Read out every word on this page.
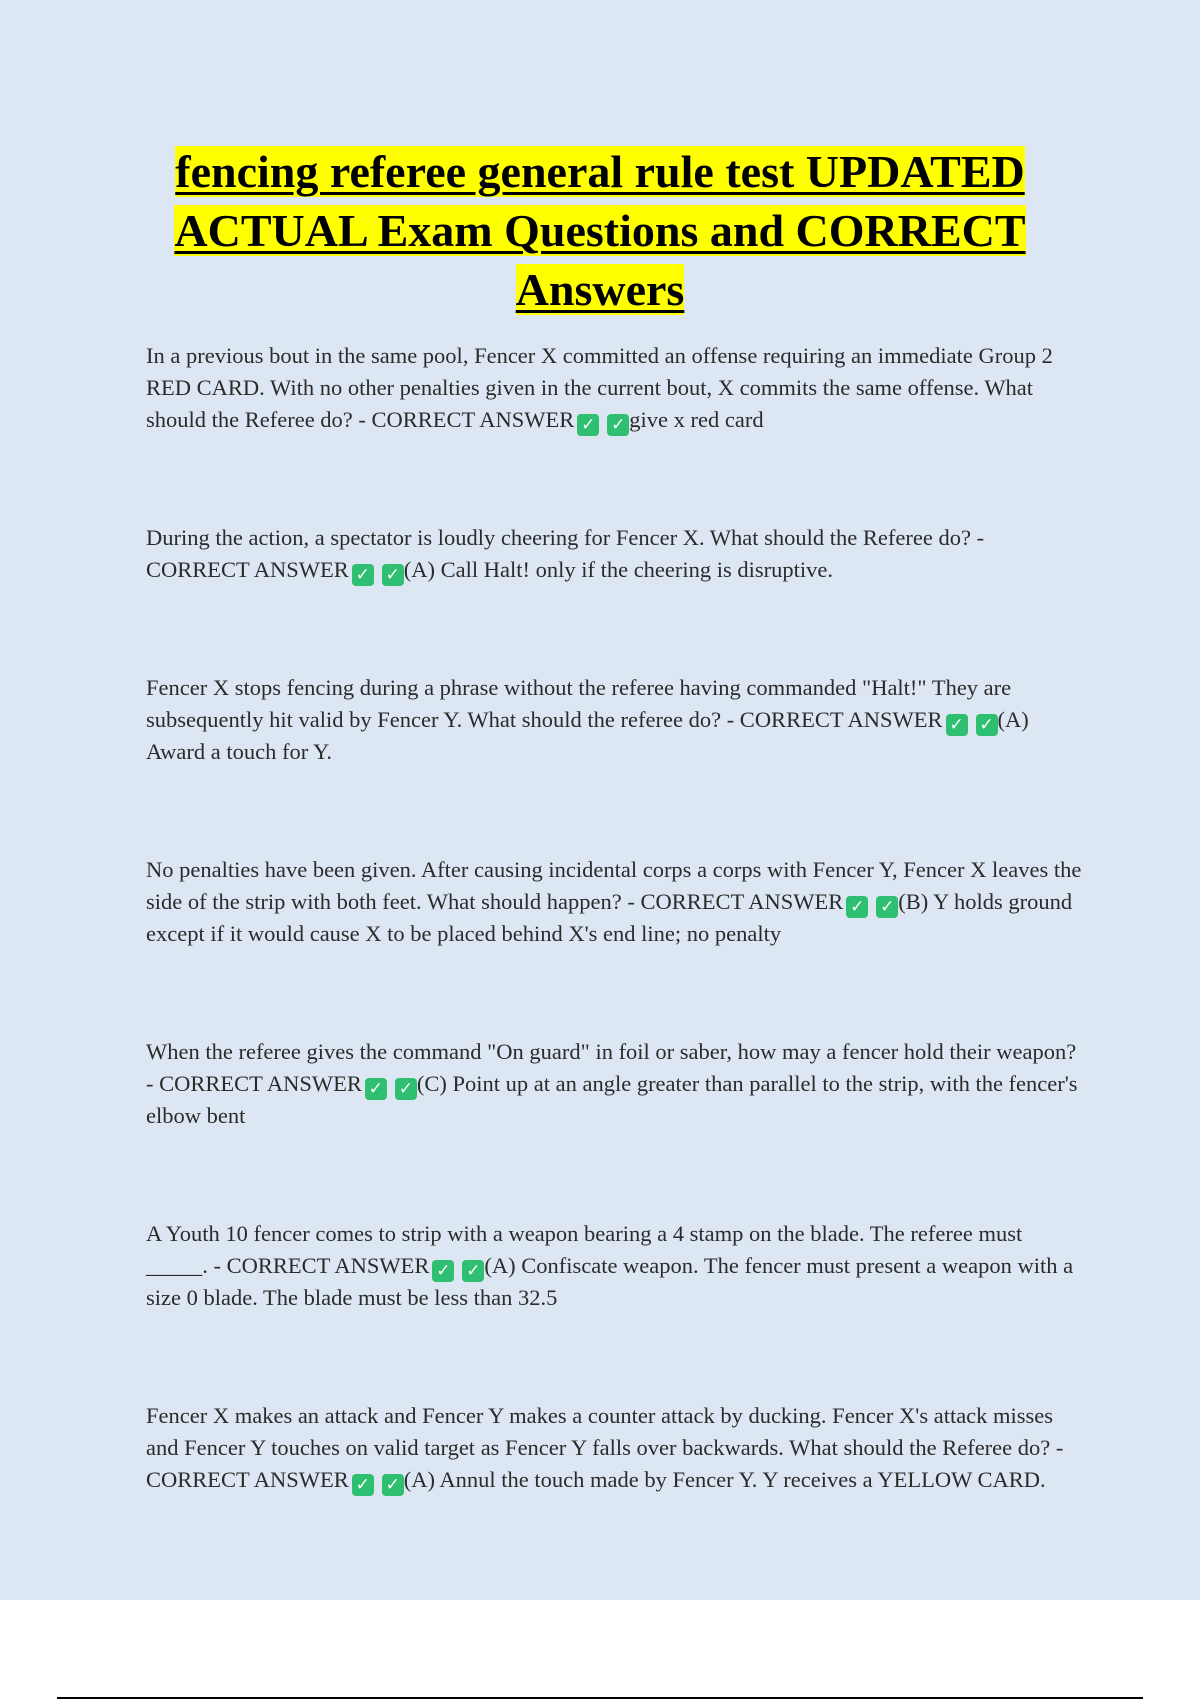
fencing referee general rule test UPDATED
ACTUAL Exam Questions and CORRECT
Answers

In a previous bout in the same pool, Fencer X committed an offense requiring an immediate Group 2 RED CARD. With no other penalties given in the current bout, X commits the same offense. What should the Referee do? - CORRECT ANSWER ✓ ✓ give x red card

During the action, a spectator is loudly cheering for Fencer X. What should the Referee do? - CORRECT ANSWER ✓ ✓ (A) Call Halt! only if the cheering is disruptive.

Fencer X stops fencing during a phrase without the referee having commanded "Halt!" They are subsequently hit valid by Fencer Y. What should the referee do? - CORRECT ANSWER ✓ ✓ (A) Award a touch for Y.

No penalties have been given. After causing incidental corps a corps with Fencer Y, Fencer X leaves the side of the strip with both feet. What should happen? - CORRECT ANSWER ✓ ✓ (B) Y holds ground except if it would cause X to be placed behind X's end line; no penalty

When the referee gives the command "On guard" in foil or saber, how may a fencer hold their weapon? - CORRECT ANSWER ✓ ✓ (C) Point up at an angle greater than parallel to the strip, with the fencer's elbow bent

A Youth 10 fencer comes to strip with a weapon bearing a 4 stamp on the blade. The referee must _____. - CORRECT ANSWER ✓ ✓ (A) Confiscate weapon. The fencer must present a weapon with a size 0 blade. The blade must be less than 32.5

Fencer X makes an attack and Fencer Y makes a counter attack by ducking. Fencer X's attack misses and Fencer Y touches on valid target as Fencer Y falls over backwards. What should the Referee do? - CORRECT ANSWER ✓ ✓ (A) Annul the touch made by Fencer Y. Y receives a YELLOW CARD.
